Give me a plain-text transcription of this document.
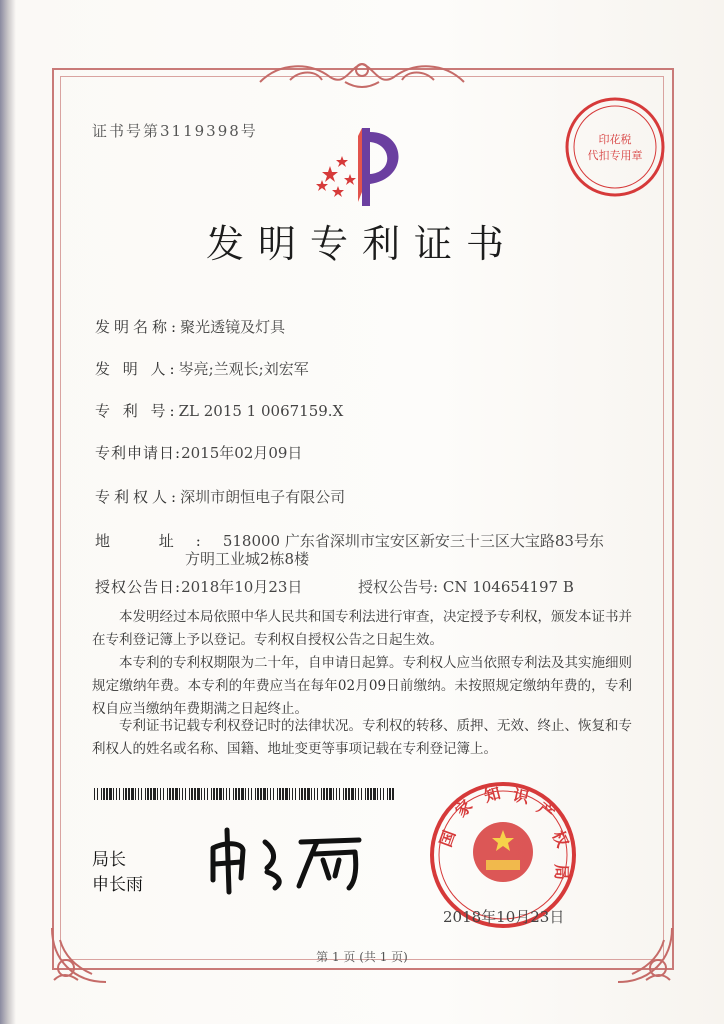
证书号第3119398号	印花税
代扣专用章
发明专利证书
发明名称:聚光透镜及灯具
发 明 人:岑亮;兰观长;刘宏军
专 利 号:ZL 2015 1 0067159.X
专利申请日:2015年02月09日
专利权人:深圳市朗恒电子有限公司
地 址:518000 广东省深圳市宝安区新安三十三区大宝路83号东
方明工业城2栋8楼
授权公告日:2018年10月23日	授权公告号: CN 104654197 B
本发明经过本局依照中华人民共和国专利法进行审查，决定授予专利权，颁发本证书并在专利登记簿上予以登记。专利权自授权公告之日起生效。
本专利的专利权期限为二十年，自申请日起算。专利权人应当依照专利法及其实施细则规定缴纳年费。本专利的年费应当在每年02月09日前缴纳。未按照规定缴纳年费的，专利权自应当缴纳年费期满之日起终止。
专利证书记载专利权登记时的法律状况。专利权的转移、质押、无效、终止、恢复和专利权人的姓名或名称、国籍、地址变更等事项记载在专利登记簿上。
局长
申长雨
国
家
知 识
产
权
局
2018年10月23日
第 1 页 (共 1 页)
